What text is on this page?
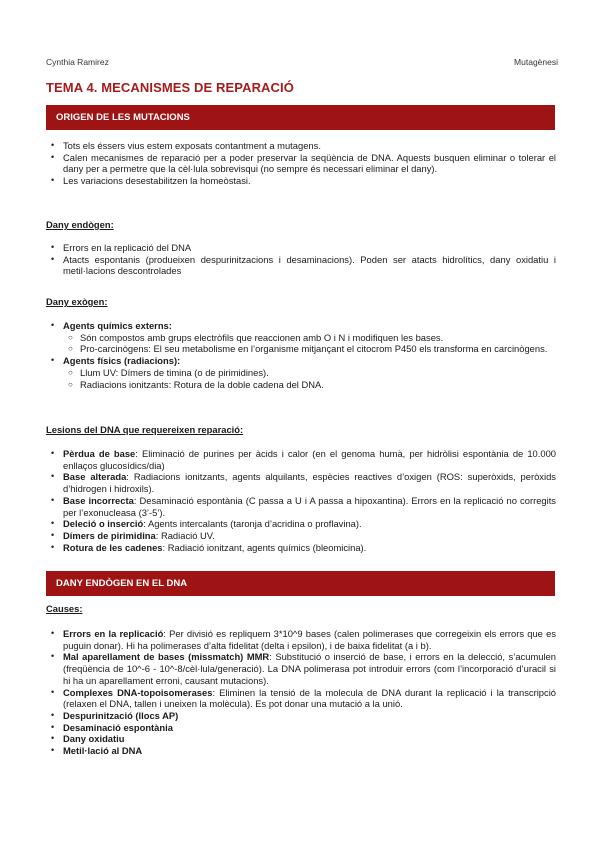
Cynthia Ramirez	Mutagènesi
TEMA 4. MECANISMES DE REPARACIÓ
ORIGEN DE LES MUTACIONS
• Tots els éssers vius estem exposats contantment a mutagens.
• Calen mecanismes de reparació per a poder preservar la seqüència de DNA. Aquests busquen eliminar o tolerar el dany per a permetre que la cèl·lula sobrevisqui (no sempre és necessari eliminar el dany).
• Les variacions desestabilitzen la homeòstasi.
Dany endògen:
• Errors en la replicació del DNA
• Atacts espontanis (produeixen despurinitzacions i desaminacions). Poden ser atacts hidrolítics, dany oxidatiu i metil·lacions descontrolades
Dany exògen:
• Agents químics externs:
○ Són compostos amb grups electròfils que reaccionen amb O i N i modifiquen les bases.
○ Pro-carcinògens: El seu metabolisme en l’organisme mitjançant el citocrom P450 els transforma en carcinògens.
• Agents físics (radiacions):
○ Llum UV: Dímers de timina (o de pirimidines).
○ Radiacions ionitzants: Rotura de la doble cadena del DNA.
Lesions del DNA que requereixen reparació:
• Pèrdua de base: Eliminació de purines per àcids i calor (en el genoma humà, per hidròlisi espontània de 10.000 enllaços glucosídics/dia)
• Base alterada: Radiacions ionitzants, agents alquilants, espècies reactives d’oxigen (ROS: superòxids, peròxids d’hidrogen i hidroxils).
• Base incorrecta: Desaminació espontània (C passa a U i A passa a hipoxantina). Errors en la replicació no corregits per l’exonucleasa (3’-5’).
• Deleció o inserció: Agents intercalants (taronja d’acridina o proflavina).
• Dímers de pirimidina: Radiació UV.
• Rotura de les cadenes: Radiació ionitzant, agents químics (bleomicina).
DANY ENDÒGEN EN EL DNA
Causes:
• Errors en la replicació: Per divisió es repliquem 3*10^9 bases (calen polimerases que corregeixin els errors que es puguin donar). Hi ha polimerases d’alta fidelitat (delta i epsilon), i de baixa fidelitat (a i b).
• Mal aparellament de bases (missmatch) MMR: Substitució o inserció de base, i errors en la delecció, s’acumulen (freqüència de 10^-6 - 10^-8/cèl·lula/generació). La DNA polimerasa pot introduir errors (com l’incorporació d’uracil si hi ha un aparellament erroni, causant mutacions).
• Complexes DNA-topoisomerases: Eliminen la tensió de la molecula de DNA durant la replicació i la transcripció (relaxen el DNA, tallen i uneixen la molècula). Es pot donar una mutació a la unió.
• Despurinització (llocs AP)
• Desaminació espontània
• Dany oxidatiu
• Metil·lació al DNA
